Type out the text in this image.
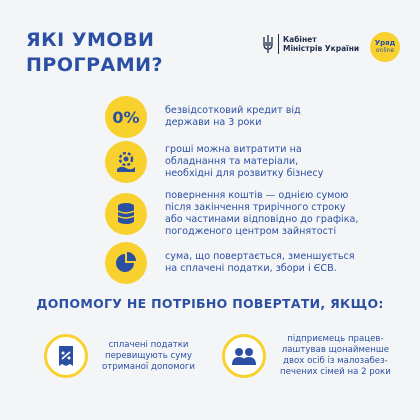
ЯКІ УМОВИ
ПРОГРАМИ?
Кабінет
Міністрів України
Уряд
online
0%	безвідсотковий кредит від
держави на 3 роки
гроші можна витратити на
обладнання та матеріали,
необхідні для розвитку бізнесу
повернення коштів — однією сумою
після закінчення трирічного строку
або частинами відповідно до графіка,
погодженого центром зайнятості
сума, що повертається, зменшується
на сплачені податки, збори і ЄСВ.
ДОПОМОГУ НЕ ПОТРІБНО ПОВЕРТАТИ, ЯКЩО:
сплачені податки
перевищують суму
отриманої допомоги
підприємець працев-
лаштував щонайменше
двох осіб із малозабез-
печених сімей на 2 роки
